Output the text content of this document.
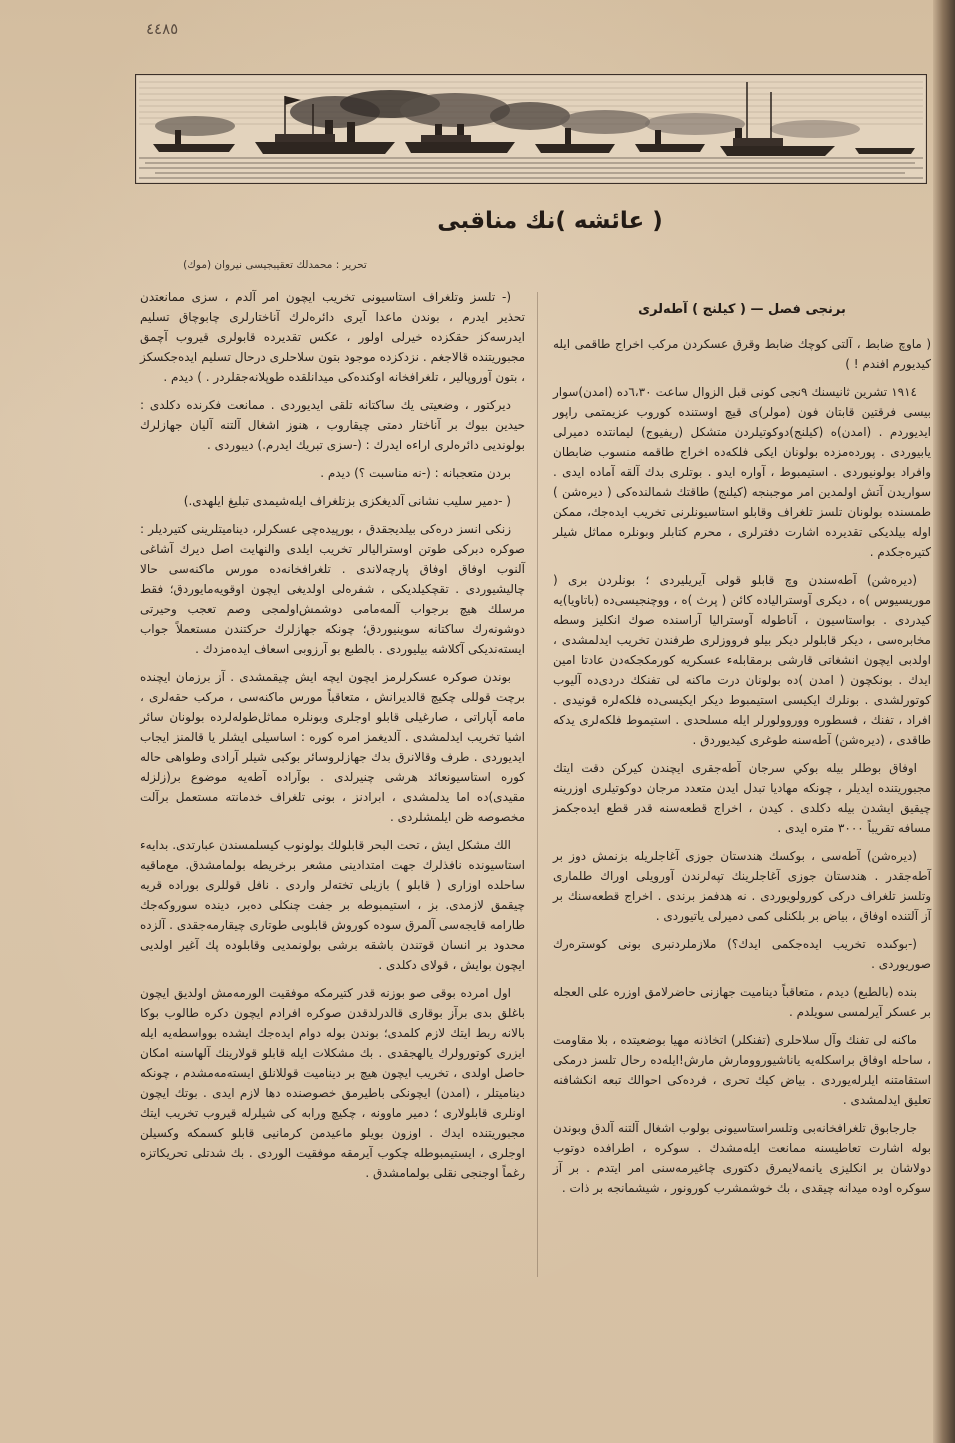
٤٤٨٥
( عائشه )نك مناقبی
تحرير : محمدلك تعقيبجيسى نيروان (موك)
برنجی فصل — ( كيلنج ) آطه‌لری

( ماوچ ضابط ، آلتى كوچك ضابط وقرق عسكردن مركب اخراج طاقمى ايله كيديورم افندم ! )

١٩١٤ تشرين ثانيسنك ٩نجى كونى قبل الزوال ساعت ٦،٣٠ده (امدن)سوار بيسى فرقتين قابتان فون (مولر)ى قيچ اوستنده كوروب عزيمتمى راپور ايديوردم . (امدن)ه (كيلنج)دوكوتيلردن متشكل (ريفيوج) ليمانتده دميرلى يابيوردى . پورده‌مزده بولونان ايكى فلكه‌ده اخراج طاقمه منسوب ضابطان وافراد بولونيوردى . استيمبوط ، آواره ايدو . بوتلرى بدك آلقه آماده ايدى . سواريدن آتش اولمدين امر موجبنجه (كيلنج) طاقتك شمالنده‌كى ( ديره‌شن ) طمسنده بولونان تلسز تلغراف وقابلو استاسيونلرنى تخريب ايده‌جك، ممكن اوله بيلديكى تقديرده اشارت دفترلرى ، محرم كتابلر وبونلره مماثل شيلر كتيره‌جكدم .

(ديره‌شن) آطه‌سندن وچ قابلو قولى آيريليردى ؛ بونلردن برى ( موريسيوس )ه ، ديكرى آوستراليا‌ده كائن ( پرث )ه ، ووچنجيسى‌ده (باتاويا)يه كيدردى . بواستاسيون ، آناطوله آوستراليا آراسنده صوك انكليز وسطه مخابره‌سى ، ديكر قابلولر ديكر بيلو فرووزلرى طرفندن تخريب ايدلمشدى ، اولدبى ايچون انشغاتى قارشى برمقابله‌ء عسكريه كورمكجكه‌دن عادتا امين ايدك . بونكچون ( امدن )ده بولونان درت ماكنه لى تفنكك دردى‌ده آليوب كوتورلشدى . بونلرك ايكيسى استيمبوط ديكر ايكيسى‌ده فلكه‌لره قونيدى . افراد ، تفنك ، فسطوره ووروولورلر ايله مسلحدى . استيموط فلكه‌لرى يدكه طاقدى ، (ديره‌شن) آطه‌سنه طوغرى كيديوردق .

اوفاق بوطلر بيله بوكي سرجان آطه‌جقرى ايچندن كيركن دقت ايتك مجبوريتنده ايديلر ، چونكه مهاديا تبدل ايدن متعدد مرجان دوكوتيلرى اوزرينه چيقيق ايشدن بيله دكلدى . كيدن ، اخراج قطعه‌سنه قدر قطع ايده‌جكمز مسافه تقريباً ٣٠٠٠ متره ايدى .

(ديره‌شن) آطه‌سى ، بوكسك هندستان جوزى آغاجلريله بزنمش دوز بر آطه‌جقدر . هندستان جوزى آغاجلرينك تپه‌لرندن آورويلى اوراك طلمارى وتلسز تلغراف دركى كورولويوردى . نه هدفمز برندى . اخراج قطعه‌سنك بر آز آلتنده اوفاق ، بياض بر بلكنلى كمى دميرلى ياتيوردى .

(-بوكىده تخريب ايده‌جكمى ايدك؟) ملازملردنبرى بونى كوستره‌رك صوريوردى .

بنده (بالطبع) ديدم ، متعاقباً ديناميت جهازنى حاضرلامق اوزره على العجله بر عسكر آيرلمسى سويلدم .

ماكنه لى تفنك وآل سلاحلرى (تفنكلر) اتخاذنه مهيا بوضعيتده ، بلا مقاومت ، ساحله اوفاق براسكله‌يه ياناشيوروومارش مارش!ايله‌ده رحال تلسز درمكى استقامتنه ايلرله‌يوردى . بياض كيك تحرى ، فرده‌كى احوالك تبعه انكشافنه تعليق ايدلمشدى .

جارجابوق تلغرافخانه‌بى وتلسراستاسيونى بولوب اشغال آلتنه آلدق وبوندن بوله اشارت تعاطيسنه ممانعت ايله‌مشدك . سوكره ، اطرافده دوتوب دولاشان بر انكليزى يانمه‌لايمرق دكتورى چاغيرمه‌سنى امر ايتدم . بر آز سوكره اوده ميدانه چيقدى ، بك خوشمشرب كورونور ، شيشمانجه بر ذات .

(- تلسز وتلغراف استاسيونى تخريب ايچون امر آلدم ، سزى ممانعتدن تحذير ايدرم ، بوندن ماعدا آيرى دائره‌لرك آناختارلرى چابوچاق تسليم ايدرسه‌كز حقكزده خيرلى اولور ، عكس تقديرده قابولرى قيروب آچمق مجبوريتنده قالاجغم . نزدكزده موجود بتون سلاحلرى درحال تسليم ايده‌جكسكز ، بتون آوروپالير ، تلغرافخانه اوكنده‌كى ميدانلقده طوپلانه‌جقلردر . ) ديدم .

ديركتور ، وضعيتى يك ساكتانه تلقى ايديوردى . ممانعت فكرنده دكلدى : حيدين بيوك بر آناختار دمتى چيقاروب ، هنوز اشغال آلتنه آليان جهازلرك بولونديى دائره‌لرى اراءه ايدرك : (-سزى تبريك ايدرم.) ديبوردى .

بردن متعجبانه : (-نه مناسبت ؟) ديدم .

( -دمير سليب نشانى آلديغكزى بزتلغراف ايله‌شيمدى تبليغ ايلهدى.)

زنكى انسز دره‌كى بيلديجقدق ، بورپيده‌چى عسكرلر، ديناميتلرينى كتيرديلر : صوكره دبركى طوتن اوستراليالر تخريب ايلدى والنهايت اصل ديرك آشاغى آلنوب اوفاق اوفاق پارچه‌لاندى . تلغرافخانه‌ده مورس ماكنه‌سى حالا چاليشيوردى . تقچكيلديكى ، شفره‌لى اولديغى ايچون اوقويه‌مايوردق؛ فقط مرسلك هيچ برجواب آلمه‌مامى دوشمش‌اولمجى وصم تعجب وحيرتى دوشونه‌رك ساكتانه سوينيوردق؛ چونكه جهازلرك حركتندن مستعملاً جواب ايسته‌نديكى آكلاشه بيليوردى . بالطبع بو آرزوبى اسعاف ايده‌مزدك .

بوندن صوكره عسكرلرمز ايچون ايچه ايش چيقمشدى . آز برزمان ايچنده برچت قوللى چكيچ قالديرانش ، متعاقباً مورس ماكنه‌سى ، مركب حقه‌لرى ، مامه آپاراتى ، صارغيلى قابلو اوجلرى وبونلره مماثل‌طوله‌لرده بولونان سائر اشيا تخريب ايدلمشدى . آلديغمز امره كوره : اساسيلى ايشلر يا قالمنز ايجاب ايديوردى . طرف وقالانرق بدك جهازلروسائر بوكبى شيلر آرادى وطواهى حاله كوره استاسيونعائد هرشى چنيرلدى . بوآراده آطه‌يه موضوع بر(زلزله مقيدى)ده اما يدلمشدى ، ابرادنز ، بونى تلغراف خدمانته مستعمل برآلت مخصوصه ظن ايلمشلردى .

الك مشكل ايش ، تحت البحر قابلولك بولونوب كيسلمسندن عبارتدى. بدايه‌ء استاسيونده نافذلرك جهت امتدادينى مشعر برخريطه بولمامشدق. مع‌ماقيه ساحلده اوزارى ( قابلو ) بازيلى تخته‌لر واردى . نافل قوللرى بوراده قريه چيقمق لازمدى. بز ، استيمبوطه بر جفت چنكلى ده‌بر، دينده سوروكه‌جك طارامه قايجه‌سى آلمرق سوده كوروش قابلوبى طوتارى چيقارمه‌جقدى . آلزده محدود بر انسان قوتندن باشقه برشى بولونمديى وقابلوده پك آغير اولديى ايچون بوايش ، قولاى دكلدى .

اول امرده بوقى صو بوزنه قدر كتيرمكه موفقيت الورمه‌مش اولديق ايچون باغلق بدى برآز بوقارى قالدرلدقدن صوكره افرادم ايچون دكره طالوب بوكا بالانه ربط ايتك لازم كلمدى؛ بوندن بوله دوام ايده‌جك ايشده بوواسطه‌يه ايله ايزرى كوتورولرك يالهجقدى . بك مشكلات ايله قابلو قولارينك آلهاسنه امكان حاصل اولدى ، تخريب ايچون هيچ بر ديناميت قوللانلق ايسته‌مه‌مشدم ، چونكه ديناميتلر ، (امدن) ايچونكى باطيرمق خصوصنده دها لازم ايدى . بوتك ايچون اونلرى قابلولارى ؛ دمير ماوونه ، چكيچ ورابه كى شيلرله قيروب تخريب ايتك مجبوريتنده ايدك . اوزون بويلو ماعيدمن كرمانيى قابلو كسمكه وكسيلن اوجلرى ، ايستيمبوطله چكوب آيرمقه موفقيت الوردى . بك شدتلى تحريكاتزه رغماً اوجنجى نقلى بولمامشدق .
